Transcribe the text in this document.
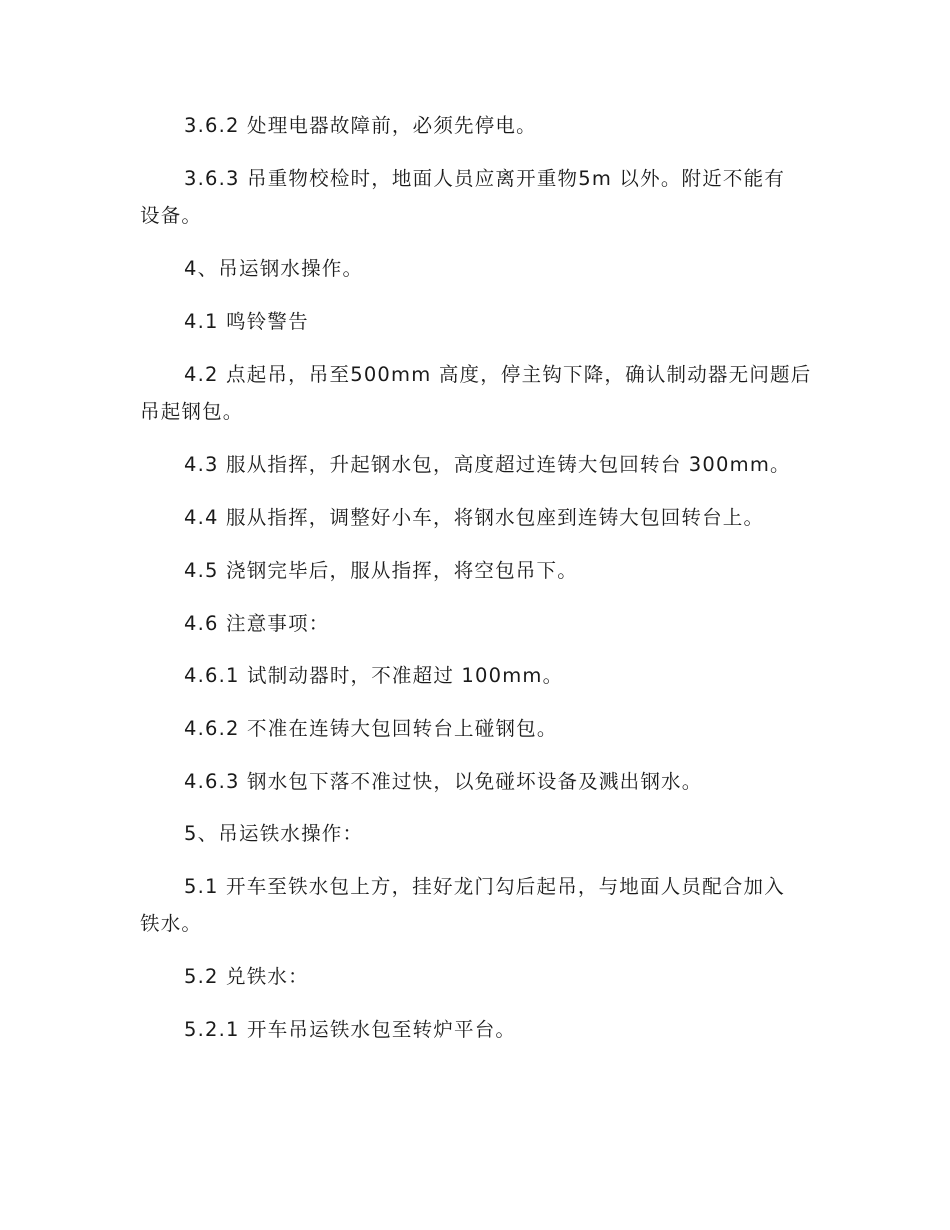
3.6.2 处理电器故障前，必须先停电。

3.6.3 吊重物校检时，地面人员应离开重物5m 以外。附近不能有

设备。

4、吊运钢水操作。

4.1 鸣铃警告

4.2 点起吊，吊至500mm 高度，停主钩下降，确认制动器无问题后

吊起钢包。

4.3 服从指挥，升起钢水包，高度超过连铸大包回转台 300mm。

4.4 服从指挥，调整好小车，将钢水包座到连铸大包回转台上。

4.5 浇钢完毕后，服从指挥，将空包吊下。

4.6 注意事项：

4.6.1 试制动器时，不准超过 100mm。

4.6.2 不准在连铸大包回转台上碰钢包。

4.6.3 钢水包下落不准过快，以免碰坏设备及溅出钢水。

5、吊运铁水操作：

5.1 开车至铁水包上方，挂好龙门勾后起吊，与地面人员配合加入

铁水。

5.2 兑铁水：

5.2.1 开车吊运铁水包至转炉平台。
